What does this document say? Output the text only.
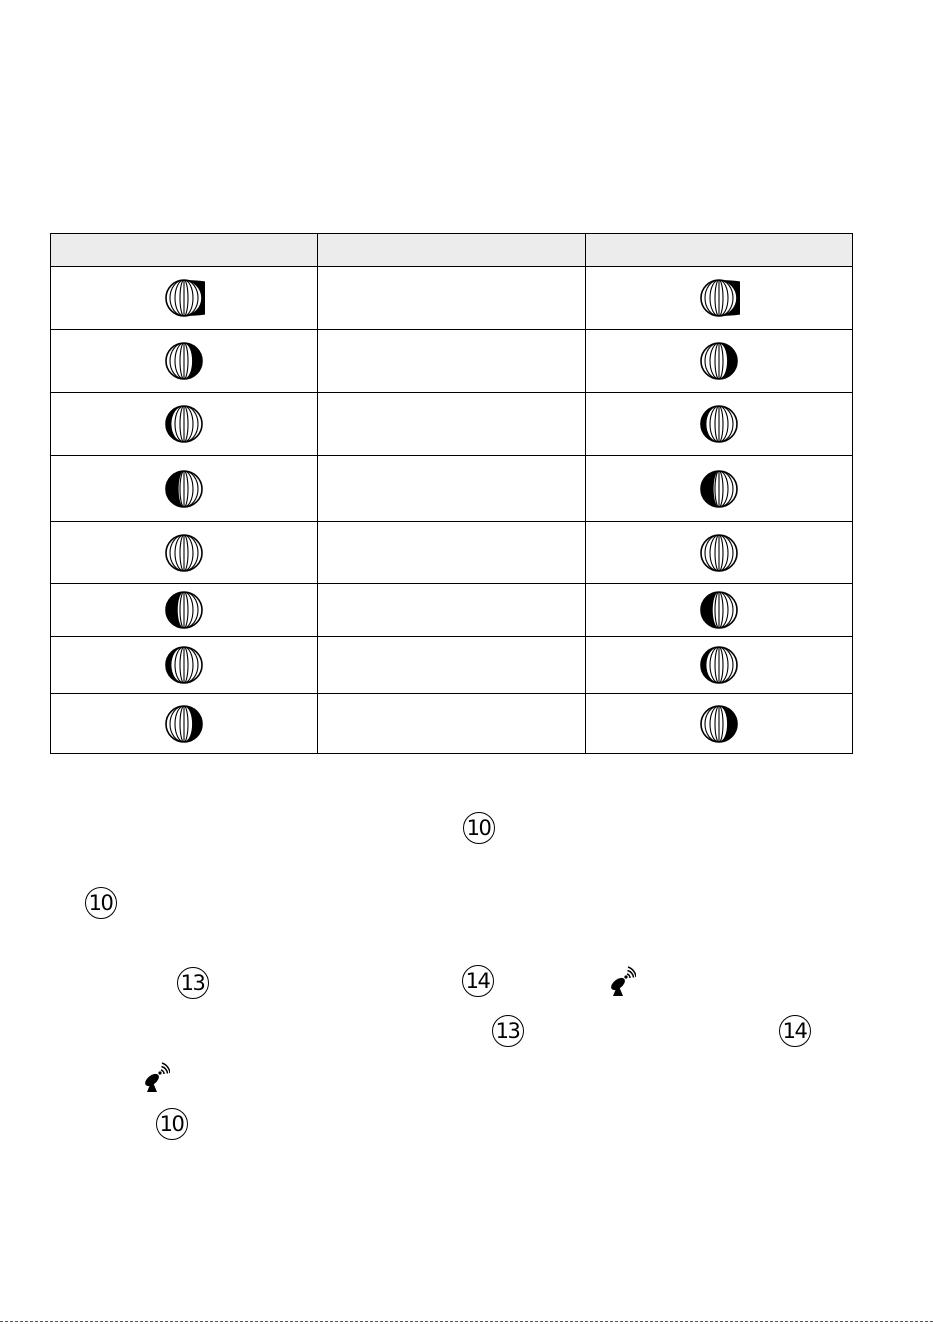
10
10
13	14
13	14
10
